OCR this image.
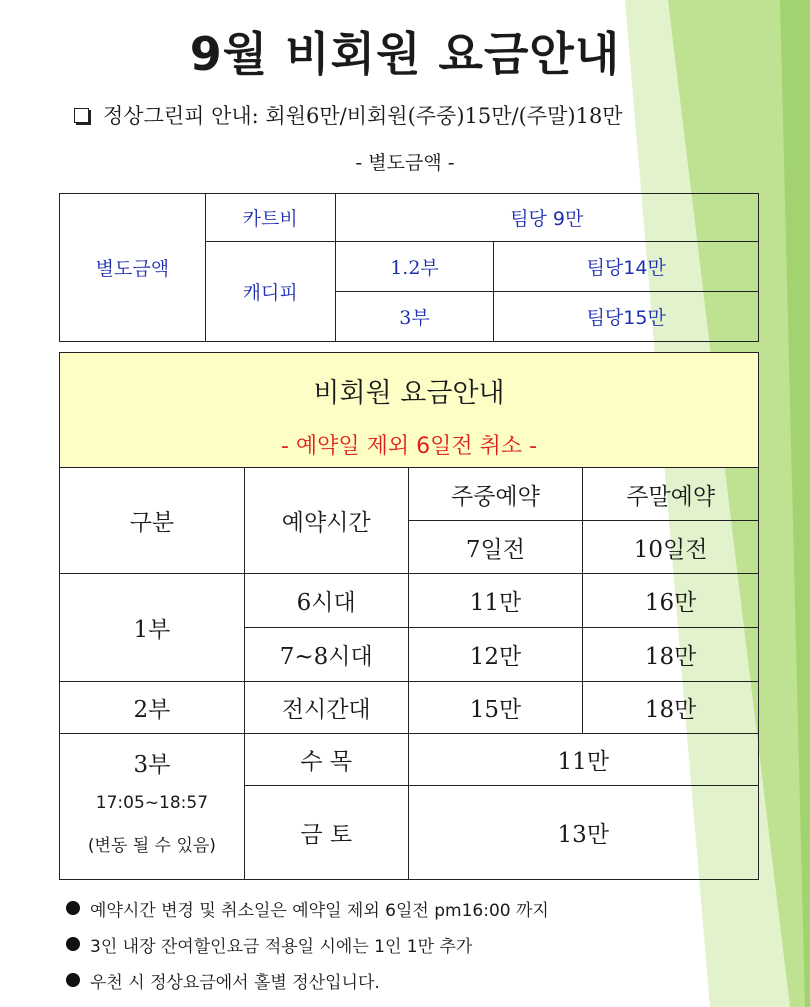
9월 비회원 요금안내
정상그린피 안내: 회원6만/비회원(주중)15만/(주말)18만
- 별도금액 -
별도금액	카트비	팀당 9만	
	캐디피	1.2부	팀당14만
		3부	팀당15만
비회원 요금안내			
- 예약일 제외 6일전 취소 -			
구분	예약시간	주중예약	주말예약
		7일전	10일전
1부	6시대	11만	16만
	7~8시대	12만	18만
2부	전시간대	15만	18만

3부
17:05~18:57
(변동 될 수 있음)	수 목	11만	
	금 토	13만	

예약시간 변경 및 취소일은 예약일 제외 6일전 pm16:00 까지

3인 내장 잔여할인요금 적용일 시에는 1인 1만 추가

우천 시 정상요금에서 홀별 정산입니다.
